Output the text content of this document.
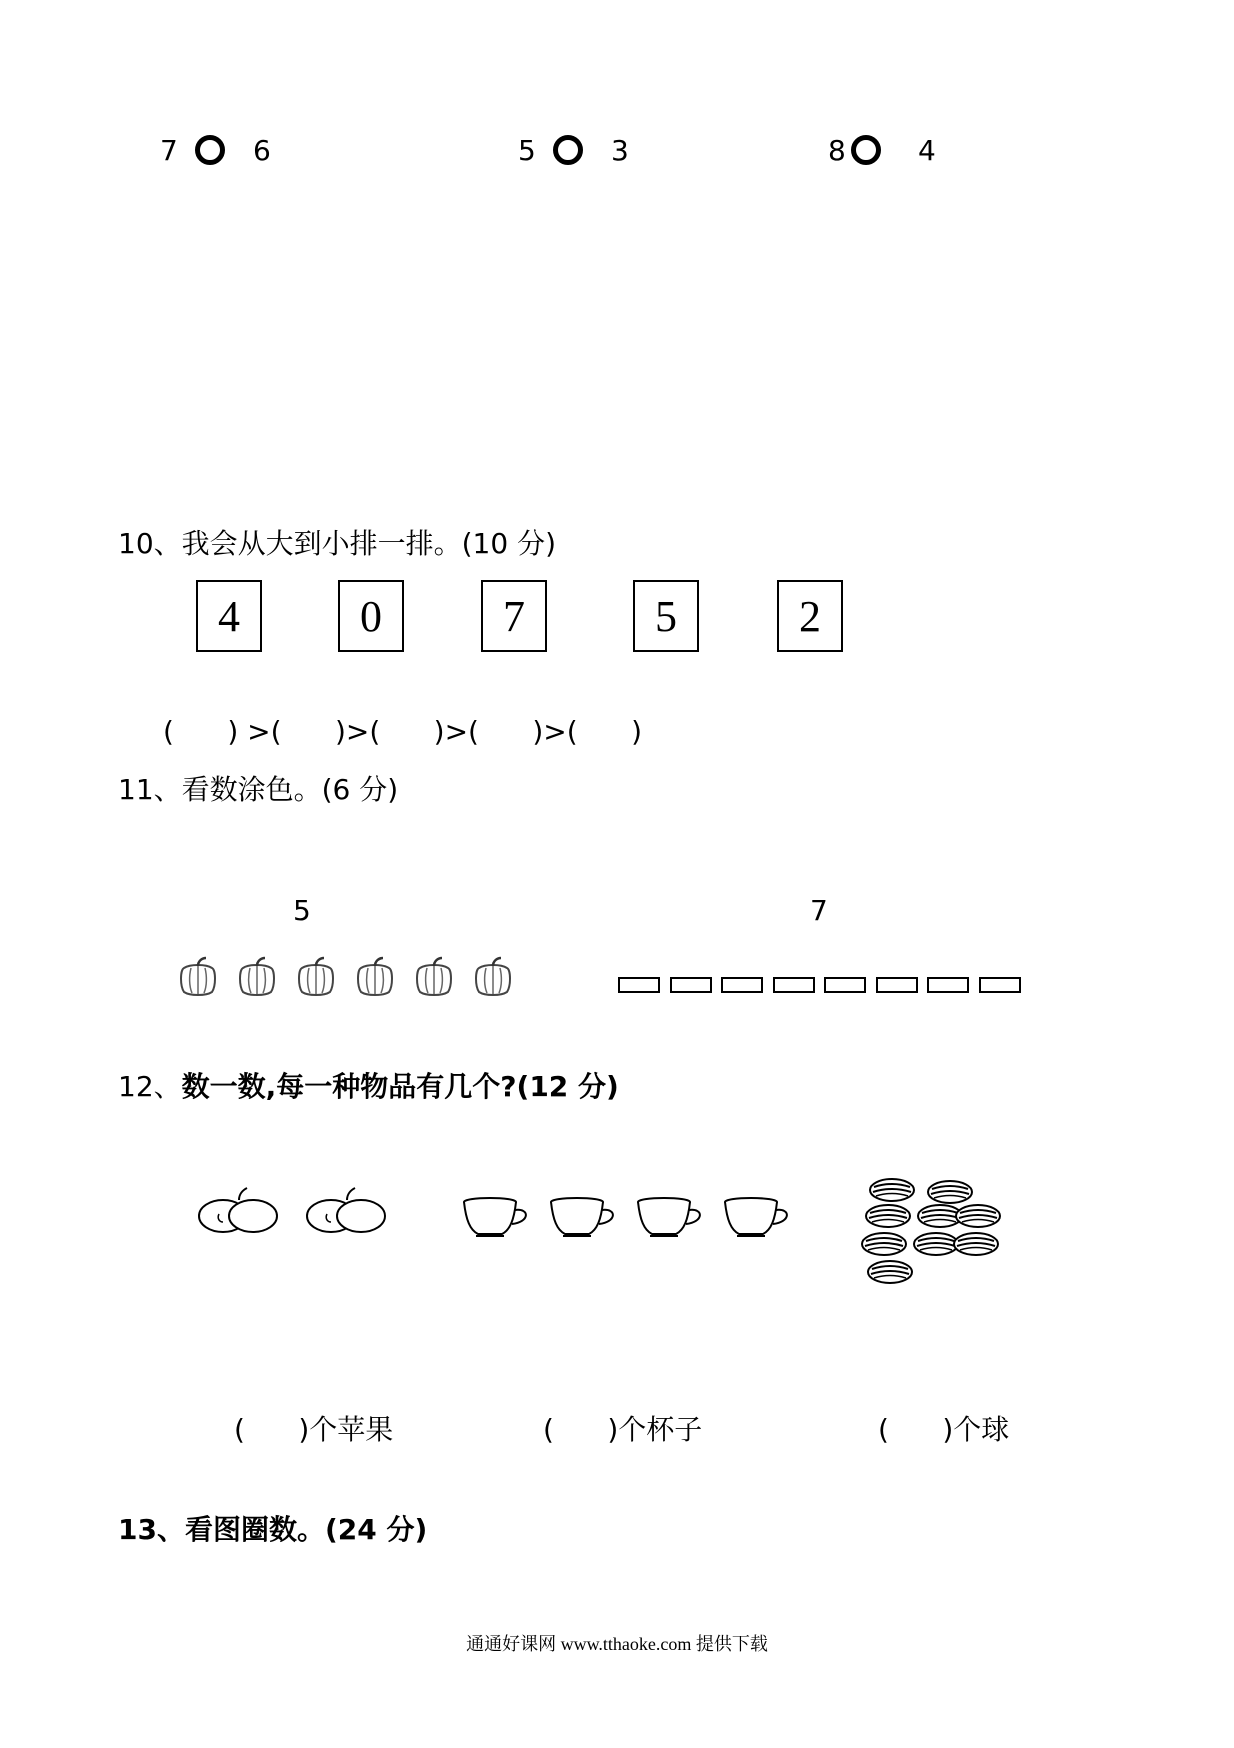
7	6	5	3	8	4
10、我会从大到小排一排。(10 分)
4	0	7	5	2
(      ) >(      )>(      )>(      )>(      )
11、看数涂色。(6 分)
5	7
12、数一数,每一种物品有几个?(12 分)
(      )个苹果	(      )个杯子	(      )个球
13、看图圈数。(24 分)
通通好课网 www.tthaoke.com 提供下载
